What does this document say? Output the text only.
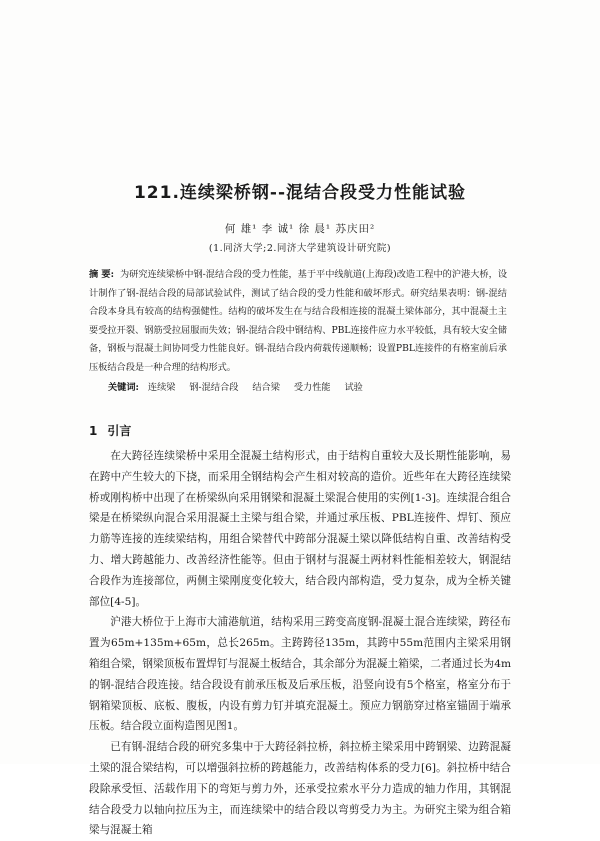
121.连续梁桥钢--混结合段受力性能试验
何 雄¹ 李 诚¹ 徐 晨¹ 苏庆田²
(1.同济大学;2.同济大学建筑设计研究院)
摘 要: 为研究连续梁桥中钢-混结合段的受力性能，基于平中线航道(上海段)改造工程中的沪港大桥，设计制作了钢-混结合段的局部试验试件，测试了结合段的受力性能和破坏形式。研究结果表明：钢-混结合段本身具有较高的结构强健性。结构的破坏发生在与结合段相连接的混凝土梁体部分，其中混凝土主要受拉开裂、钢筋受拉屈服而失效；钢-混结合段中钢结构、PBL连接件应力水平较低，具有较大安全储备，钢板与混凝土间协同受力性能良好。钢-混结合段内荷载传递顺畅；设置PBL连接件的有格室前后承压板结合段是一种合理的结构形式。
关键词: 连续梁 钢-混结合段 结合梁 受力性能 试验
1 引言

在大跨径连续梁桥中采用全混凝土结构形式，由于结构自重较大及长期性能影响，易在跨中产生较大的下挠，而采用全钢结构会产生相对较高的造价。近些年在大跨径连续梁桥或刚构桥中出现了在桥梁纵向采用钢梁和混凝土梁混合使用的实例[1-3]。连续混合组合梁是在桥梁纵向混合采用混凝土主梁与组合梁，并通过承压板、PBL连接件、焊钉、预应力筋等连接的连续梁结构，用组合梁替代中跨部分混凝土梁以降低结构自重、改善结构受力、增大跨越能力、改善经济性能等。但由于钢材与混凝土两材料性能相差较大，钢混结合段作为连接部位，两侧主梁刚度变化较大，结合段内部构造，受力复杂，成为全桥关键部位[4-5]。

沪港大桥位于上海市大浦港航道，结构采用三跨变高度钢-混凝土混合连续梁，跨径布置为65m+135m+65m，总长265m。主跨跨径135m，其跨中55m范围内主梁采用钢箱组合梁，钢梁顶板布置焊钉与混凝土板结合，其余部分为混凝土箱梁，二者通过长为4m的钢-混结合段连接。结合段设有前承压板及后承压板，沿竖向设有5个格室，格室分布于钢箱梁顶板、底板、腹板，内设有剪力钉并填充混凝土。预应力钢筋穿过格室锚固于端承压板。结合段立面构造图见图1。

已有钢-混结合段的研究多集中于大跨径斜拉桥，斜拉桥主梁采用中跨钢梁、边跨混凝土梁的混合梁结构，可以增强斜拉桥的跨越能力，改善结构体系的受力[6]。斜拉桥中结合段除承受恒、活载作用下的弯矩与剪力外，还承受拉索水平分力造成的轴力作用，其钢混结合段受力以轴向拉压为主，而连续梁中的结合段以弯剪受力为主。为研究主梁为组合箱梁与混凝土箱
